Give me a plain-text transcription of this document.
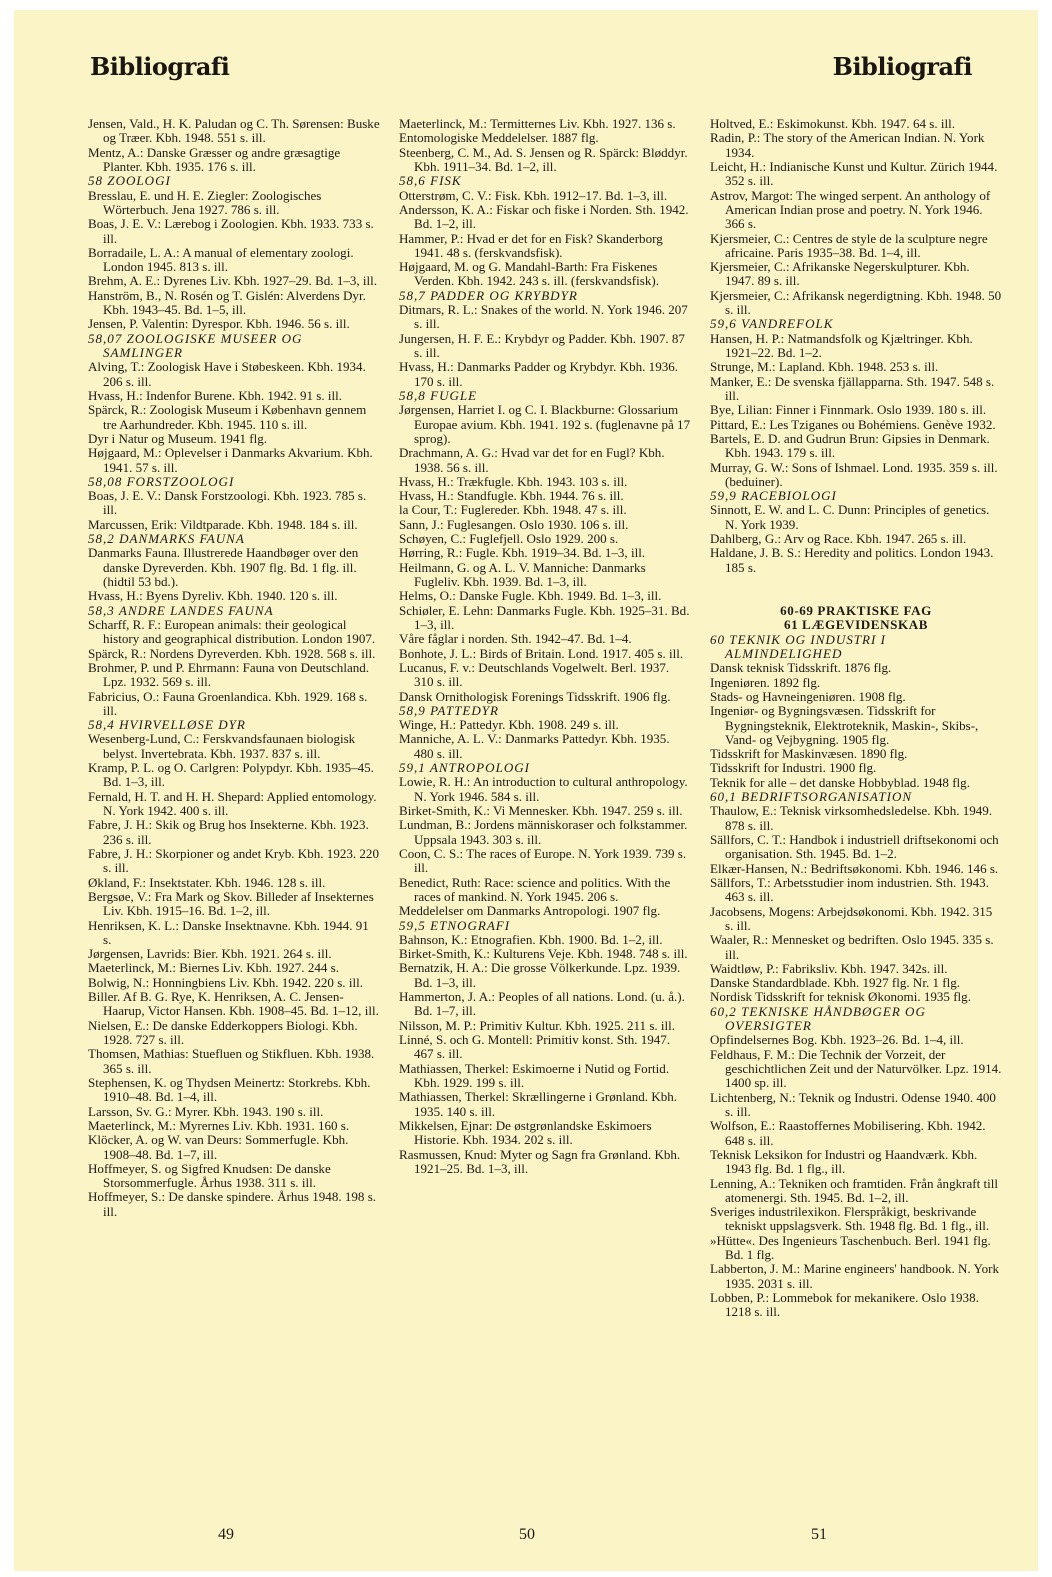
Bibliografi	Bibliografi
Jensen, Vald., H. K. Paludan og C. Th. Sørensen: Buske og Træer. Kbh. 1948. 551 s. ill.
Mentz, A.: Danske Græsser og andre græsagtige Planter. Kbh. 1935. 176 s. ill.
58 ZOOLOGI
Bresslau, E. und H. E. Ziegler: Zoologisches Wörterbuch. Jena 1927. 786 s. ill.
Boas, J. E. V.: Lærebog i Zoologien. Kbh. 1933. 733 s. ill.
Borradaile, L. A.: A manual of elementary zoologi. London 1945. 813 s. ill.
Brehm, A. E.: Dyrenes Liv. Kbh. 1927–29. Bd. 1–3, ill.
Hanström, B., N. Rosén og T. Gislén: Alverdens Dyr. Kbh. 1943–45. Bd. 1–5, ill.
Jensen, P. Valentin: Dyrespor. Kbh. 1946. 56 s. ill.
58,07 ZOOLOGISKE MUSEER OG SAMLINGER
Alving, T.: Zoologisk Have i Støbeskeen. Kbh. 1934. 206 s. ill.
Hvass, H.: Indenfor Burene. Kbh. 1942. 91 s. ill.
Spärck, R.: Zoologisk Museum i København gennem tre Aarhundreder. Kbh. 1945. 110 s. ill.
Dyr i Natur og Museum. 1941 flg.
Højgaard, M.: Oplevelser i Danmarks Akvarium. Kbh. 1941. 57 s. ill.
58,08 FORSTZOOLOGI
Boas, J. E. V.: Dansk Forstzoologi. Kbh. 1923. 785 s. ill.
Marcussen, Erik: Vildtparade. Kbh. 1948. 184 s. ill.
58,2 DANMARKS FAUNA
Danmarks Fauna. Illustrerede Haandbøger over den danske Dyreverden. Kbh. 1907 flg. Bd. 1 flg. ill. (hidtil 53 bd.).
Hvass, H.: Byens Dyreliv. Kbh. 1940. 120 s. ill.
58,3 ANDRE LANDES FAUNA
Scharff, R. F.: European animals: their geological history and geographical distribution. London 1907.
Spärck, R.: Nordens Dyreverden. Kbh. 1928. 568 s. ill.
Brohmer, P. und P. Ehrmann: Fauna von Deutschland. Lpz. 1932. 569 s. ill.
Fabricius, O.: Fauna Groenlandica. Kbh. 1929. 168 s. ill.
58,4 HVIRVELLØSE DYR
Wesenberg-Lund, C.: Ferskvandsfaunaen biologisk belyst. Invertebrata. Kbh. 1937. 837 s. ill.
Kramp, P. L. og O. Carlgren: Polypdyr. Kbh. 1935–45. Bd. 1–3, ill.
Fernald, H. T. and H. H. Shepard: Applied entomology. N. York 1942. 400 s. ill.
Fabre, J. H.: Skik og Brug hos Insekterne. Kbh. 1923. 236 s. ill.
Fabre, J. H.: Skorpioner og andet Kryb. Kbh. 1923. 220 s. ill.
Økland, F.: Insektstater. Kbh. 1946. 128 s. ill.
Bergsøe, V.: Fra Mark og Skov. Billeder af Insekternes Liv. Kbh. 1915–16. Bd. 1–2, ill.
Henriksen, K. L.: Danske Insektnavne. Kbh. 1944. 91 s.
Jørgensen, Lavrids: Bier. Kbh. 1921. 264 s. ill.
Maeterlinck, M.: Biernes Liv. Kbh. 1927. 244 s.
Bolwig, N.: Honningbiens Liv. Kbh. 1942. 220 s. ill.
Biller. Af B. G. Rye, K. Henriksen, A. C. Jensen-Haarup, Victor Hansen. Kbh. 1908–45. Bd. 1–12, ill.
Nielsen, E.: De danske Edderkoppers Biologi. Kbh. 1928. 727 s. ill.
Thomsen, Mathias: Stuefluen og Stikfluen. Kbh. 1938. 365 s. ill.
Stephensen, K. og Thydsen Meinertz: Storkrebs. Kbh. 1910–48. Bd. 1–4, ill.
Larsson, Sv. G.: Myrer. Kbh. 1943. 190 s. ill.
Maeterlinck, M.: Myrernes Liv. Kbh. 1931. 160 s.
Klöcker, A. og W. van Deurs: Sommerfugle. Kbh. 1908–48. Bd. 1–7, ill.
Hoffmeyer, S. og Sigfred Knudsen: De danske Storsommerfugle. Århus 1938. 311 s. ill.
Hoffmeyer, S.: De danske spindere. Århus 1948. 198 s. ill.
Maeterlinck, M.: Termitternes Liv. Kbh. 1927. 136 s.
Entomologiske Meddelelser. 1887 flg.
Steenberg, C. M., Ad. S. Jensen og R. Spärck: Bløddyr. Kbh. 1911–34. Bd. 1–2, ill.
58,6 FISK
Otterstrøm, C. V.: Fisk. Kbh. 1912–17. Bd. 1–3, ill.
Andersson, K. A.: Fiskar och fiske i Norden. Sth. 1942. Bd. 1–2, ill.
Hammer, P.: Hvad er det for en Fisk? Skanderborg 1941. 48 s. (ferskvandsfisk).
Højgaard, M. og G. Mandahl-Barth: Fra Fiskenes Verden. Kbh. 1942. 243 s. ill. (ferskvandsfisk).
58,7 PADDER OG KRYBDYR
Ditmars, R. L.: Snakes of the world. N. York 1946. 207 s. ill.
Jungersen, H. F. E.: Krybdyr og Padder. Kbh. 1907. 87 s. ill.
Hvass, H.: Danmarks Padder og Krybdyr. Kbh. 1936. 170 s. ill.
58,8 FUGLE
Jørgensen, Harriet I. og C. I. Blackburne: Glossarium Europae avium. Kbh. 1941. 192 s. (fuglenavne på 17 sprog).
Drachmann, A. G.: Hvad var det for en Fugl? Kbh. 1938. 56 s. ill.
Hvass, H.: Trækfugle. Kbh. 1943. 103 s. ill.
Hvass, H.: Standfugle. Kbh. 1944. 76 s. ill.
la Cour, T.: Fuglereder. Kbh. 1948. 47 s. ill.
Sann, J.: Fuglesangen. Oslo 1930. 106 s. ill.
Schøyen, C.: Fuglefjell. Oslo 1929. 200 s.
Hørring, R.: Fugle. Kbh. 1919–34. Bd. 1–3, ill.
Heilmann, G. og A. L. V. Manniche: Danmarks Fugleliv. Kbh. 1939. Bd. 1–3, ill.
Helms, O.: Danske Fugle. Kbh. 1949. Bd. 1–3, ill.
Schiøler, E. Lehn: Danmarks Fugle. Kbh. 1925–31. Bd. 1–3, ill.
Våre fåglar i norden. Sth. 1942–47. Bd. 1–4.
Bonhote, J. L.: Birds of Britain. Lond. 1917. 405 s. ill.
Lucanus, F. v.: Deutschlands Vogelwelt. Berl. 1937. 310 s. ill.
Dansk Ornithologisk Forenings Tidsskrift. 1906 flg.
58,9 PATTEDYR
Winge, H.: Pattedyr. Kbh. 1908. 249 s. ill.
Manniche, A. L. V.: Danmarks Pattedyr. Kbh. 1935. 480 s. ill.
59,1 ANTROPOLOGI
Lowie, R. H.: An introduction to cultural anthropology. N. York 1946. 584 s. ill.
Birket-Smith, K.: Vi Mennesker. Kbh. 1947. 259 s. ill.
Lundman, B.: Jordens människoraser och folkstammer. Uppsala 1943. 303 s. ill.
Coon, C. S.: The races of Europe. N. York 1939. 739 s. ill.
Benedict, Ruth: Race: science and politics. With the races of mankind. N. York 1945. 206 s.
Meddelelser om Danmarks Antropologi. 1907 flg.
59,5 ETNOGRAFI
Bahnson, K.: Etnografien. Kbh. 1900. Bd. 1–2, ill.
Birket-Smith, K.: Kulturens Veje. Kbh. 1948. 748 s. ill.
Bernatzik, H. A.: Die grosse Völkerkunde. Lpz. 1939. Bd. 1–3, ill.
Hammerton, J. A.: Peoples of all nations. Lond. (u. å.). Bd. 1–7, ill.
Nilsson, M. P.: Primitiv Kultur. Kbh. 1925. 211 s. ill.
Linné, S. och G. Montell: Primitiv konst. Sth. 1947. 467 s. ill.
Mathiassen, Therkel: Eskimoerne i Nutid og Fortid. Kbh. 1929. 199 s. ill.
Mathiassen, Therkel: Skrællingerne i Grønland. Kbh. 1935. 140 s. ill.
Mikkelsen, Ejnar: De østgrønlandske Eskimoers Historie. Kbh. 1934. 202 s. ill.
Rasmussen, Knud: Myter og Sagn fra Grønland. Kbh. 1921–25. Bd. 1–3, ill.
Holtved, E.: Eskimokunst. Kbh. 1947. 64 s. ill.
Radin, P.: The story of the American Indian. N. York 1934.
Leicht, H.: Indianische Kunst und Kultur. Zürich 1944. 352 s. ill.
Astrov, Margot: The winged serpent. An anthology of American Indian prose and poetry. N. York 1946. 366 s.
Kjersmeier, C.: Centres de style de la sculpture negre africaine. Paris 1935–38. Bd. 1–4, ill.
Kjersmeier, C.: Afrikanske Negerskulpturer. Kbh. 1947. 89 s. ill.
Kjersmeier, C.: Afrikansk negerdigtning. Kbh. 1948. 50 s. ill.
59,6 VANDREFOLK
Hansen, H. P.: Natmandsfolk og Kjæltringer. Kbh. 1921–22. Bd. 1–2.
Strunge, M.: Lapland. Kbh. 1948. 253 s. ill.
Manker, E.: De svenska fjällapparna. Sth. 1947. 548 s. ill.
Bye, Lilian: Finner i Finnmark. Oslo 1939. 180 s. ill.
Pittard, E.: Les Tziganes ou Bohémiens. Genève 1932.
Bartels, E. D. and Gudrun Brun: Gipsies in Denmark. Kbh. 1943. 179 s. ill.
Murray, G. W.: Sons of Ishmael. Lond. 1935. 359 s. ill. (beduiner).
59,9 RACEBIOLOGI
Sinnott, E. W. and L. C. Dunn: Principles of genetics. N. York 1939.
Dahlberg, G.: Arv og Race. Kbh. 1947. 265 s. ill.
Haldane, J. B. S.: Heredity and politics. London 1943. 185 s.
60-69 PRAKTISKE FAG
61 LÆGEVIDENSKAB
60 TEKNIK OG INDUSTRI I ALMINDELIGHED
Dansk teknisk Tidsskrift. 1876 flg.
Ingeniøren. 1892 flg.
Stads- og Havneingeniøren. 1908 flg.
Ingeniør- og Bygningsvæsen. Tidsskrift for Bygningsteknik, Elektroteknik, Maskin-, Skibs-, Vand- og Vejbygning. 1905 flg.
Tidsskrift for Maskinvæsen. 1890 flg.
Tidsskrift for Industri. 1900 flg.
Teknik for alle – det danske Hobbyblad. 1948 flg.
60,1 BEDRIFTSORGANISATION
Thaulow, E.: Teknisk virksomhedsledelse. Kbh. 1949. 878 s. ill.
Sällfors, C. T.: Handbok i industriell driftsekonomi och organisation. Sth. 1945. Bd. 1–2.
Elkær-Hansen, N.: Bedriftsøkonomi. Kbh. 1946. 146 s.
Sällfors, T.: Arbetsstudier inom industrien. Sth. 1943. 463 s. ill.
Jacobsens, Mogens: Arbejdsøkonomi. Kbh. 1942. 315 s. ill.
Waaler, R.: Mennesket og bedriften. Oslo 1945. 335 s. ill.
Waidtløw, P.: Fabriksliv. Kbh. 1947. 342s. ill.
Danske Standardblade. Kbh. 1927 flg. Nr. 1 flg.
Nordisk Tidsskrift for teknisk Økonomi. 1935 flg.
60,2 TEKNISKE HÅNDBØGER OG OVERSIGTER
Opfindelsernes Bog. Kbh. 1923–26. Bd. 1–4, ill.
Feldhaus, F. M.: Die Technik der Vorzeit, der geschichtlichen Zeit und der Naturvölker. Lpz. 1914. 1400 sp. ill.
Lichtenberg, N.: Teknik og Industri. Odense 1940. 400 s. ill.
Wolfson, E.: Raastoffernes Mobilisering. Kbh. 1942. 648 s. ill.
Teknisk Leksikon for Industri og Haandværk. Kbh. 1943 flg. Bd. 1 flg., ill.
Lenning, A.: Tekniken och framtiden. Från ångkraft till atomenergi. Sth. 1945. Bd. 1–2, ill.
Sveriges industrilexikon. Flerspråkigt, beskrivande tekniskt uppslagsverk. Sth. 1948 flg. Bd. 1 flg., ill.
»Hütte«. Des Ingenieurs Taschenbuch. Berl. 1941 flg. Bd. 1 flg.
Labberton, J. M.: Marine engineers' handbook. N. York 1935. 2031 s. ill.
Lobben, P.: Lommebok for mekanikere. Oslo 1938. 1218 s. ill.
49	50	51
